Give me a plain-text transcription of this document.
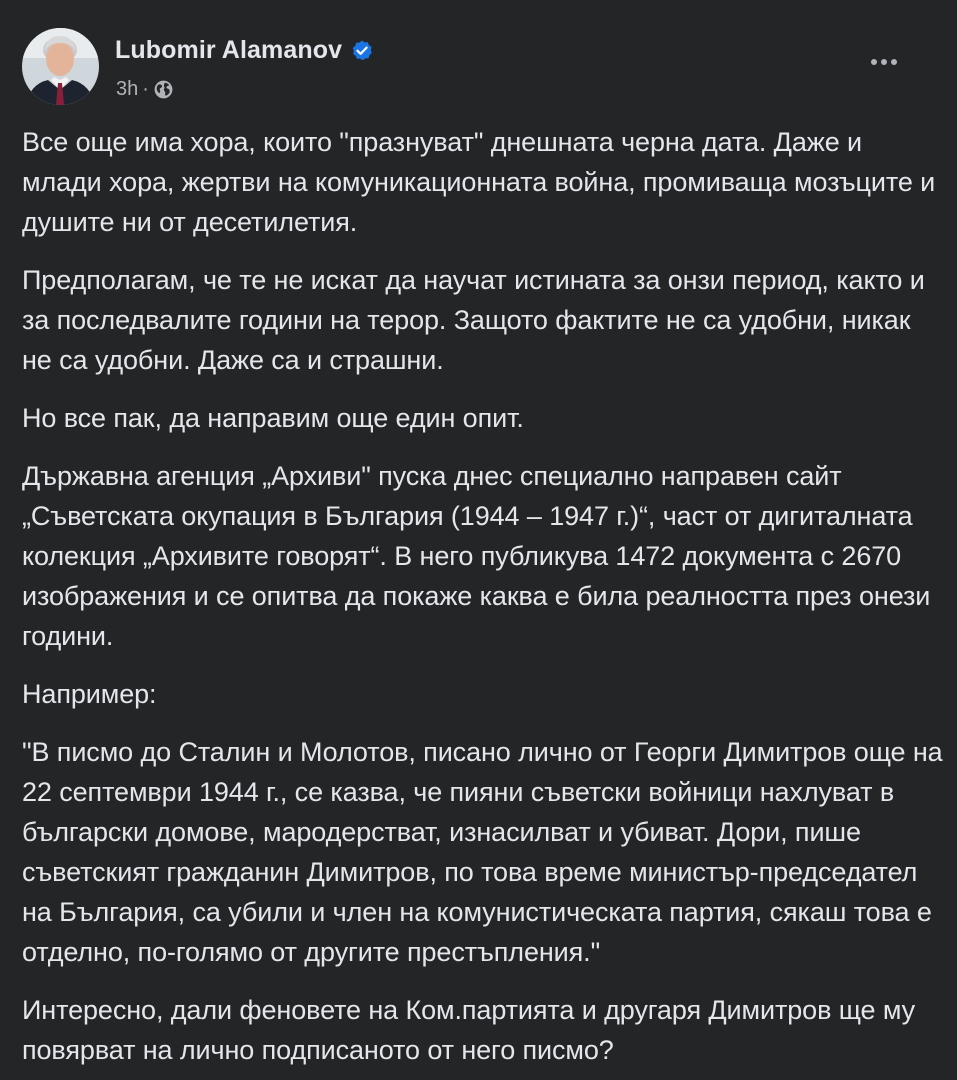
Lubomir Alamanov
3h ·

Все още има хора, които "празнуват" днешната черна дата. Даже и млади хора, жертви на комуникационната война, промиваща мозъците и душите ни от десетилетия.

Предполагам, че те не искат да научат истината за онзи период, както и за последвалите години на терор. Защото фактите не са удобни, никак не са удобни. Даже са и страшни.

Но все пак, да направим още един опит.

Държавна агенция „Архиви" пуска днес специално направен сайт „Съветската окупация в България (1944 – 1947 г.)“, част от дигиталната колекция „Архивите говорят“. В него публикува 1472 документа с 2670 изображения и се опитва да покаже каква е била реалността през онези години.

Например:

"В писмо до Сталин и Молотов, писано лично от Георги Димитров още на 22 септември 1944 г., се казва, че пияни съветски войници нахлуват в български домове, мародерстват, изнасилват и убиват. Дори, пише съветският гражданин Димитров, по това време министър-председател на България, са убили и член на комунистическата партия, сякаш това е отделно, по-голямо от другите престъпления."

Интересно, дали феновете на Ком.партията и другаря Димитров ще му повярват на лично подписаното от него писмо?
